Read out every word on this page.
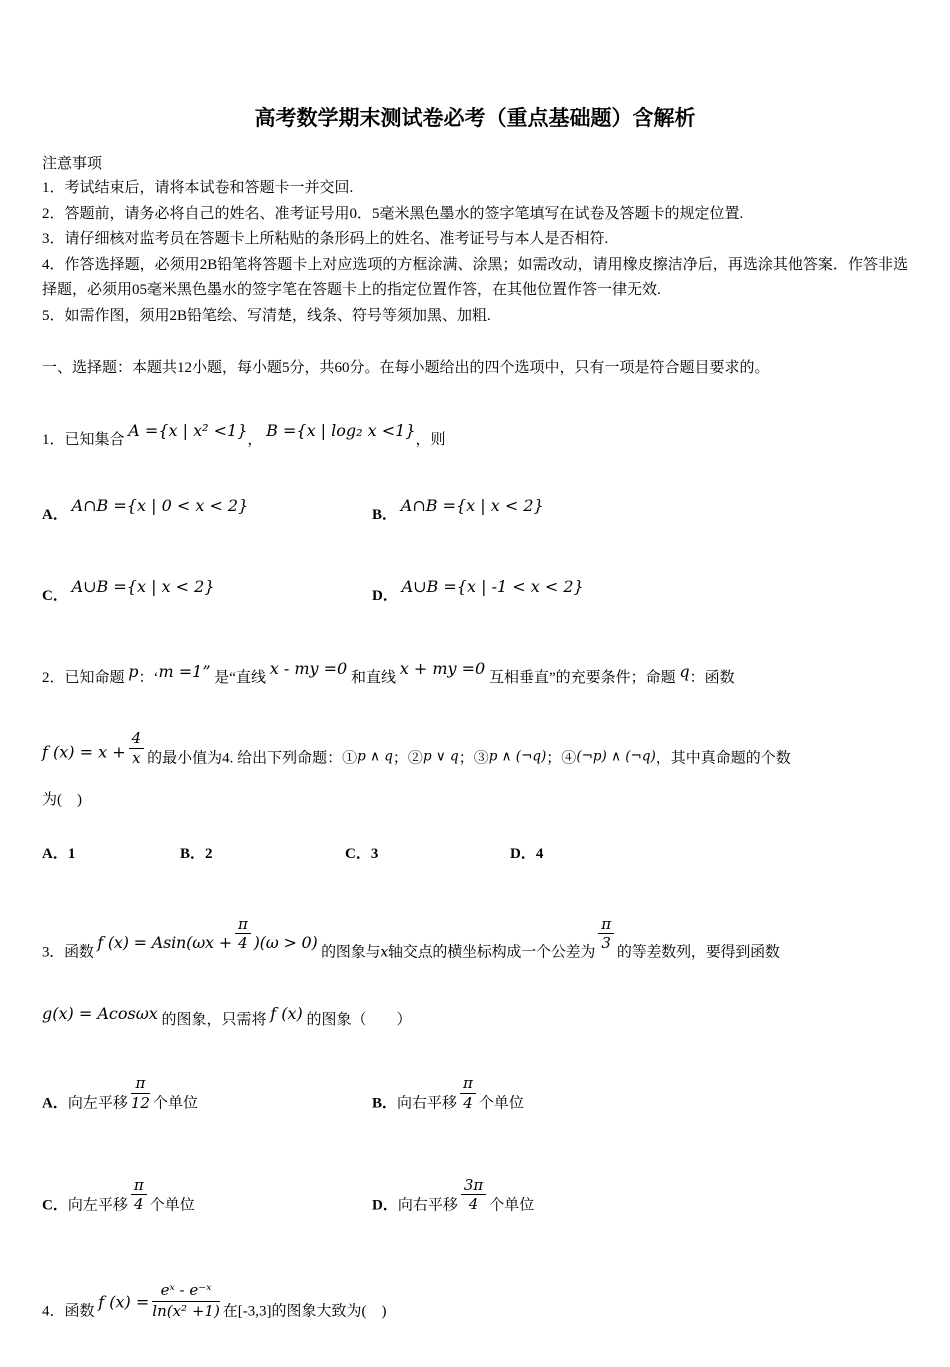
高考数学期末测试卷必考（重点基础题）含解析
注意事项
1．考试结束后，请将本试卷和答题卡一并交回.
2．答题前，请务必将自己的姓名、准考证号用0．5毫米黑色墨水的签字笔填写在试卷及答题卡的规定位置.
3．请仔细核对监考员在答题卡上所粘贴的条形码上的姓名、准考证号与本人是否相符.
4．作答选择题，必须用2B铅笔将答题卡上对应选项的方框涂满、涂黑；如需改动，请用橡皮擦洁净后，再选涂其他答案．作答非选择题，必须用05毫米黑色墨水的签字笔在答题卡上的指定位置作答，在其他位置作答一律无效.
5．如需作图，须用2B铅笔绘、写清楚，线条、符号等须加黑、加粗.
一、选择题：本题共12小题，每小题5分，共60分。在每小题给出的四个选项中，只有一项是符合题目要求的。
1．已知集合 A ={x | x² <1}， B ={x | log₂ x <1}，则
A． A∩B ={x | 0 < x < 2}	B． A∩B ={x | x < 2}
C． A∪B ={x | x < 2}	D． A∪B ={x | -1 < x < 2}
2．已知命题 p：‘m =1” 是“直线 x - my =0 和直线 x + my =0 互相垂直”的充要条件；命题 q：函数
f $(x) = x + \frac{4}{x}$ 的最小值为4. 给出下列命题：①p ∧ q；②p ∨ q；③p ∧ (¬q)；④(¬p) ∧ (¬q)，其中真命题的个数
为(　)
A．1	B．2	C．3	D．4
3．函数 f $(x) = Asin(\omega x + \frac{\pi}{4} )(\omega > 0)$ 的图象与x轴交点的横坐标构成一个公差为
$\frac{\pi}{3}$
的等差数列，要得到函数
g(x) = Acosωx 的图象，只需将 f (x) 的图象（　　）
A．向左平移 $\frac{\pi}{12}$ 个单位	B．向右平移 $\frac{\pi}{4}$ 个单位
C．向左平移 $\frac{\pi}{4}$ 个单位	D．向右平移 $\frac{3\pi}{4}$ 个单位
4．函数 f $(x) = \frac{\text{eˣ - e⁻ˣ}}{\text{ln(x² +1)}}$ 在[-3,3]的图象大致为(　)
